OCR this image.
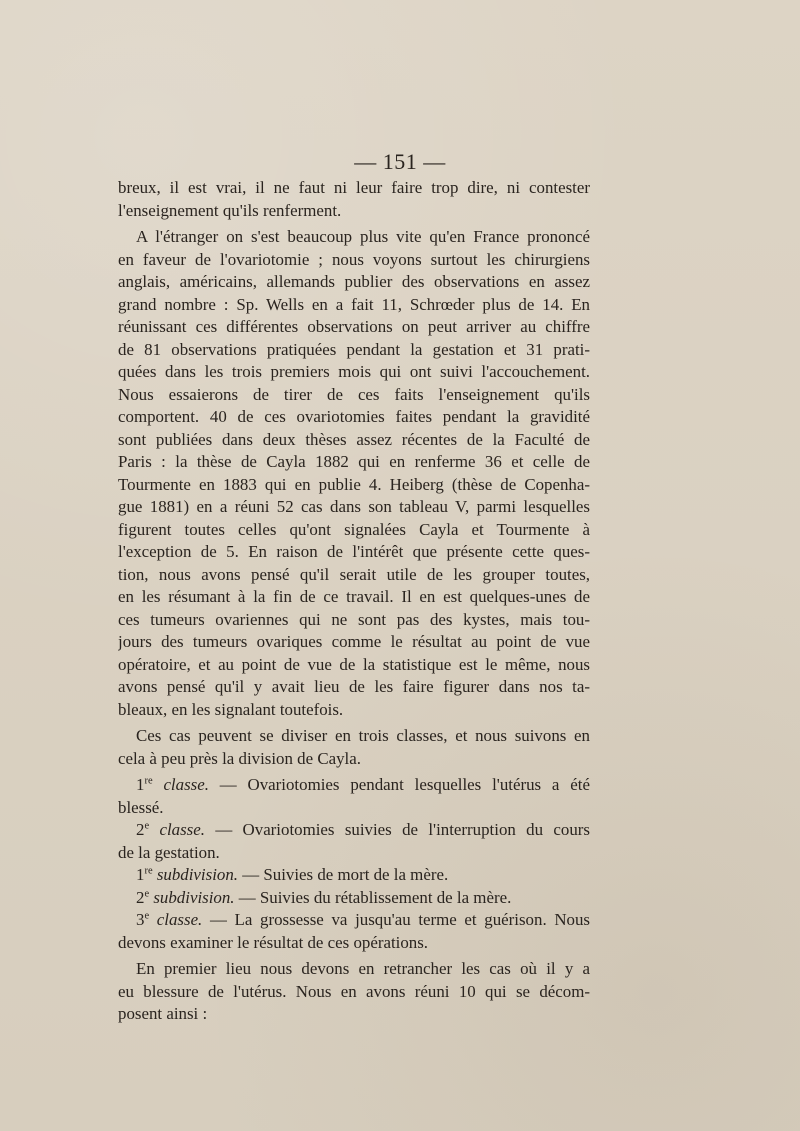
— 151 —
breux, il est vrai, il ne faut ni leur faire trop dire, ni contester
l'enseignement qu'ils renferment.
A l'étranger on s'est beaucoup plus vite qu'en France prononcé
en faveur de l'ovariotomie ; nous voyons surtout les chirurgiens
anglais, américains, allemands publier des observations en assez
grand nombre : Sp. Wells en a fait 11, Schrœder plus de 14. En
réunissant ces différentes observations on peut arriver au chiffre
de 81 observations pratiquées pendant la gestation et 31 prati-
quées dans les trois premiers mois qui ont suivi l'accouchement.
Nous essaierons de tirer de ces faits l'enseignement qu'ils
comportent. 40 de ces ovariotomies faites pendant la gravidité
sont publiées dans deux thèses assez récentes de la Faculté de
Paris : la thèse de Cayla 1882 qui en renferme 36 et celle de
Tourmente en 1883 qui en publie 4. Heiberg (thèse de Copenha-
gue 1881) en a réuni 52 cas dans son tableau V, parmi lesquelles
figurent toutes celles qu'ont signalées Cayla et Tourmente à
l'exception de 5. En raison de l'intérêt que présente cette ques-
tion, nous avons pensé qu'il serait utile de les grouper toutes,
en les résumant à la fin de ce travail. Il en est quelques-unes de
ces tumeurs ovariennes qui ne sont pas des kystes, mais tou-
jours des tumeurs ovariques comme le résultat au point de vue
opératoire, et au point de vue de la statistique est le même, nous
avons pensé qu'il y avait lieu de les faire figurer dans nos ta-
bleaux, en les signalant toutefois.
Ces cas peuvent se diviser en trois classes, et nous suivons en
cela à peu près la division de Cayla.
1re classe. — Ovariotomies pendant lesquelles l'utérus a été
blessé.
2e classe. — Ovariotomies suivies de l'interruption du cours
de la gestation.
1re subdivision. — Suivies de mort de la mère.
2e subdivision. — Suivies du rétablissement de la mère.
3e classe. — La grossesse va jusqu'au terme et guérison. Nous
devons examiner le résultat de ces opérations.
En premier lieu nous devons en retrancher les cas où il y a
eu blessure de l'utérus. Nous en avons réuni 10 qui se décom-
posent ainsi :
